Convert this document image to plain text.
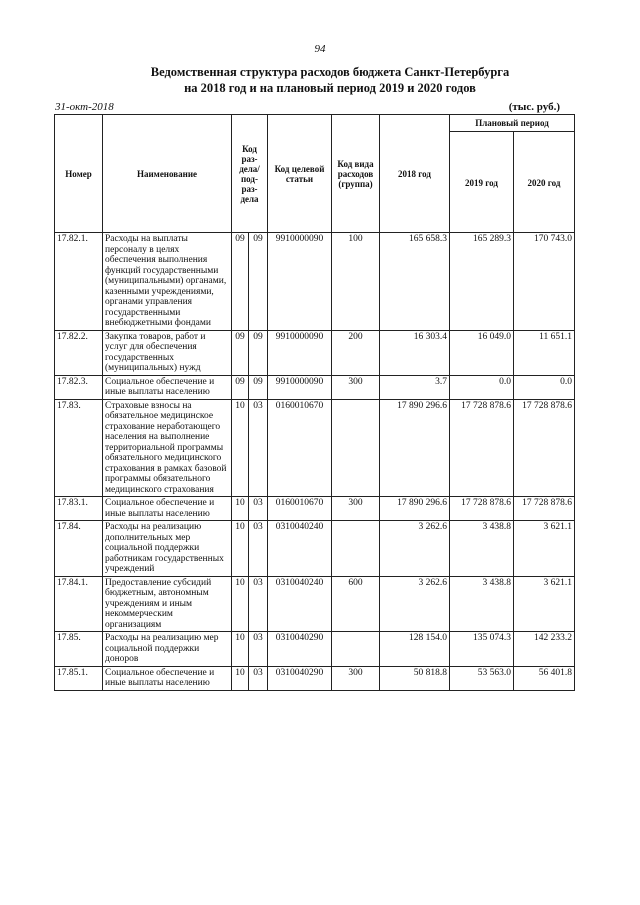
94
Ведомственная структура расходов бюджета Санкт-Петербурга
на 2018 год и на плановый период 2019 и 2020 годов
31-окт-2018	(тыс. руб.)
Номер	Наименование	Код раз-дела/ под-раз-дела		Код целевой статьи	Код вида расходов (группа)	2018 год	Плановый период	
							2019 год	2020 год
17.82.1.	Расходы на выплаты персоналу в целях обеспечения выполнения функций государственными (муниципальными) органами, казенными учреждениями, органами управления государственными внебюджетными фондами	09	09	9910000090	100	165 658.3	165 289.3	170 743.0
17.82.2.	Закупка товаров, работ и услуг для обеспечения государственных (муниципальных) нужд	09	09	9910000090	200	16 303.4	16 049.0	11 651.1
17.82.3.	Социальное обеспечение и иные выплаты населению	09	09	9910000090	300	3.7	0.0	0.0
17.83.	Страховые взносы на обязательное медицинское страхование неработающего населения на выполнение территориальной программы обязательного медицинского страхования в рамках базовой программы обязательного медицинского страхования	10	03	0160010670		17 890 296.6	17 728 878.6	17 728 878.6
17.83.1.	Социальное обеспечение и иные выплаты населению	10	03	0160010670	300	17 890 296.6	17 728 878.6	17 728 878.6
17.84.	Расходы на реализацию дополнительных мер социальной поддержки работникам государственных учреждений	10	03	0310040240		3 262.6	3 438.8	3 621.1
17.84.1.	Предоставление субсидий бюджетным, автономным учреждениям и иным некоммерческим организациям	10	03	0310040240	600	3 262.6	3 438.8	3 621.1
17.85.	Расходы на реализацию мер социальной поддержки доноров	10	03	0310040290		128 154.0	135 074.3	142 233.2
17.85.1.	Социальное обеспечение и иные выплаты населению	10	03	0310040290	300	50 818.8	53 563.0	56 401.8
